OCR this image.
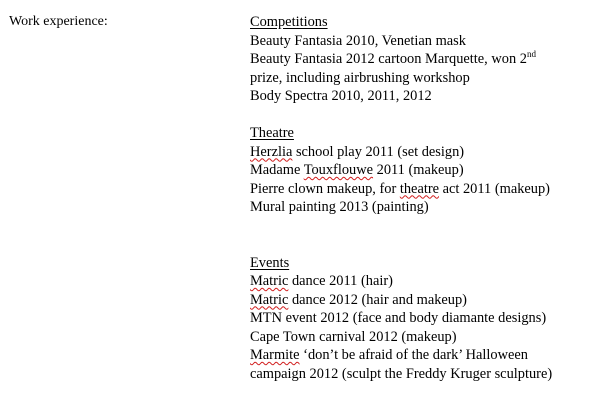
Work experience:	Competitions
Beauty Fantasia 2010, Venetian mask
Beauty Fantasia 2012 cartoon Marquette, won 2nd
prize, including airbrushing workshop
Body Spectra 2010, 2011, 2012
Theatre
Herzlia school play 2011 (set design)
Madame Touxflouwe 2011 (makeup)
Pierre clown makeup, for theatre act 2011 (makeup)
Mural painting 2013 (painting)
Events
Matric dance 2011 (hair)
Matric dance 2012 (hair and makeup)
MTN event 2012 (face and body diamante designs)
Cape Town carnival 2012 (makeup)
Marmite ‘don’t be afraid of the dark’ Halloween
campaign 2012 (sculpt the Freddy Kruger sculpture)
